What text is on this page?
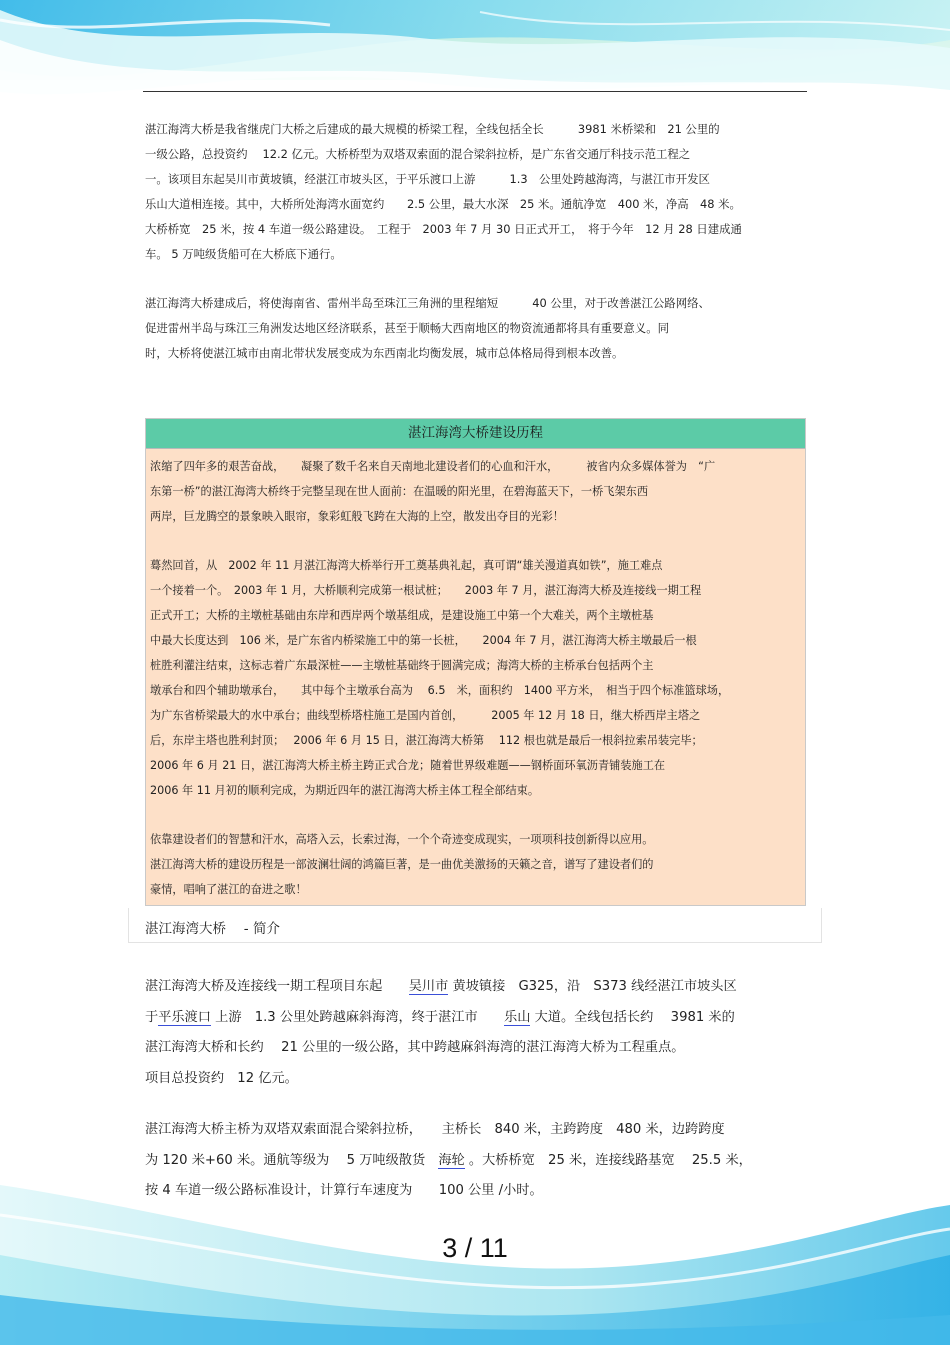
湛江海湾大桥是我省继虎门大桥之后建成的最大规模的桥梁工程，全线包括全长　　　3981 米桥梁和　21 公里的

一级公路，总投资约　 12.2 亿元。大桥桥型为双塔双索面的混合梁斜拉桥，是广东省交通厅科技示范工程之

一。该项目东起吴川市黄坡镇，经湛江市坡头区，于平乐渡口上游　　　1.3　公里处跨越海湾，与湛江市开发区

乐山大道相连接。其中，大桥所处海湾水面宽约　　2.5 公里，最大水深　25 米。通航净宽　400 米，净高　48 米。

大桥桥宽　25 米，按 4 车道一级公路建设。　工程于　2003 年 7 月 30 日正式开工，　将于今年　12 月 28 日建成通

车。 5 万吨级货船可在大桥底下通行。

湛江海湾大桥建成后，将使海南省、雷州半岛至珠江三角洲的里程缩短　　　40 公里，对于改善湛江公路网络、

促进雷州半岛与珠江三角洲发达地区经济联系，甚至于顺畅大西南地区的物资流通都将具有重要意义。同

时，大桥将使湛江城市由南北带状发展变成为东西南北均衡发展，城市总体格局得到根本改善。

湛江海湾大桥建设历程

浓缩了四年多的艰苦奋战，　　凝聚了数千名来自天南地北建设者们的心血和汗水，　　　被省内众多媒体誉为　“广

东第一桥”的湛江海湾大桥终于完整呈现在世人面前：在温暖的阳光里，在碧海蓝天下，一桥飞架东西

两岸，巨龙腾空的景象映入眼帘，象彩虹般飞跨在大海的上空，散发出夺目的光彩！

蓦然回首，从　2002 年 11 月湛江海湾大桥举行开工奠基典礼起，真可谓“雄关漫道真如铁”，施工难点

一个接着一个。　2003 年 1 月，大桥顺利完成第一根试桩；　　2003 年 7 月，湛江海湾大桥及连接线一期工程

正式开工；大桥的主墩桩基础由东岸和西岸两个墩基组成，是建设施工中第一个大难关，两个主墩桩基

中最大长度达到　106 米，是广东省内桥梁施工中的第一长桩，　　2004 年 7 月，湛江海湾大桥主墩最后一根

桩胜利灌注结束，这标志着广东最深桩——主墩桩基础终于圆满完成；海湾大桥的主桥承台包括两个主

墩承台和四个辅助墩承台，　　其中每个主墩承台高为　 6.5　米，面积约　1400 平方米，　相当于四个标准篮球场，

为广东省桥梁最大的水中承台；曲线型桥塔柱施工是国内首创，　　　2005 年 12 月 18 日，继大桥西岸主塔之

后，东岸主塔也胜利封顶；　 2006 年 6 月 15 日，湛江海湾大桥第　 112 根也就是最后一根斜拉索吊装完毕；

2006 年 6 月 21 日，湛江海湾大桥主桥主跨正式合龙；随着世界级难题——钢桥面环氧沥青铺装施工在

2006 年 11 月初的顺利完成，为期近四年的湛江海湾大桥主体工程全部结束。

依靠建设者们的智慧和汗水，高塔入云，长索过海，一个个奇迹变成现实，一项项科技创新得以应用。

湛江海湾大桥的建设历程是一部波澜壮阔的鸿篇巨著，是一曲优美激扬的天籁之音，谱写了建设者们的

豪情，唱响了湛江的奋进之歌！

湛江海湾大桥　 - 简介

湛江海湾大桥及连接线一期工程项目东起　　吴川市 黄坡镇接　G325，沿　S373 线经湛江市坡头区

于平乐渡口 上游　1.3 公里处跨越麻斜海湾，终于湛江市　　乐山 大道。全线包括长约　 3981 米的

湛江海湾大桥和长约　 21 公里的一级公路，其中跨越麻斜海湾的湛江海湾大桥为工程重点。

项目总投资约　12 亿元。

湛江海湾大桥主桥为双塔双索面混合梁斜拉桥，　　主桥长　840 米，主跨跨度　480 米，边跨跨度

为 120 米+60 米。通航等级为　 5 万吨级散货　海轮 。大桥桥宽　25 米，连接线路基宽　 25.5 米，

按 4 车道一级公路标准设计，计算行车速度为　　100 公里 /小时。

3 / 11
